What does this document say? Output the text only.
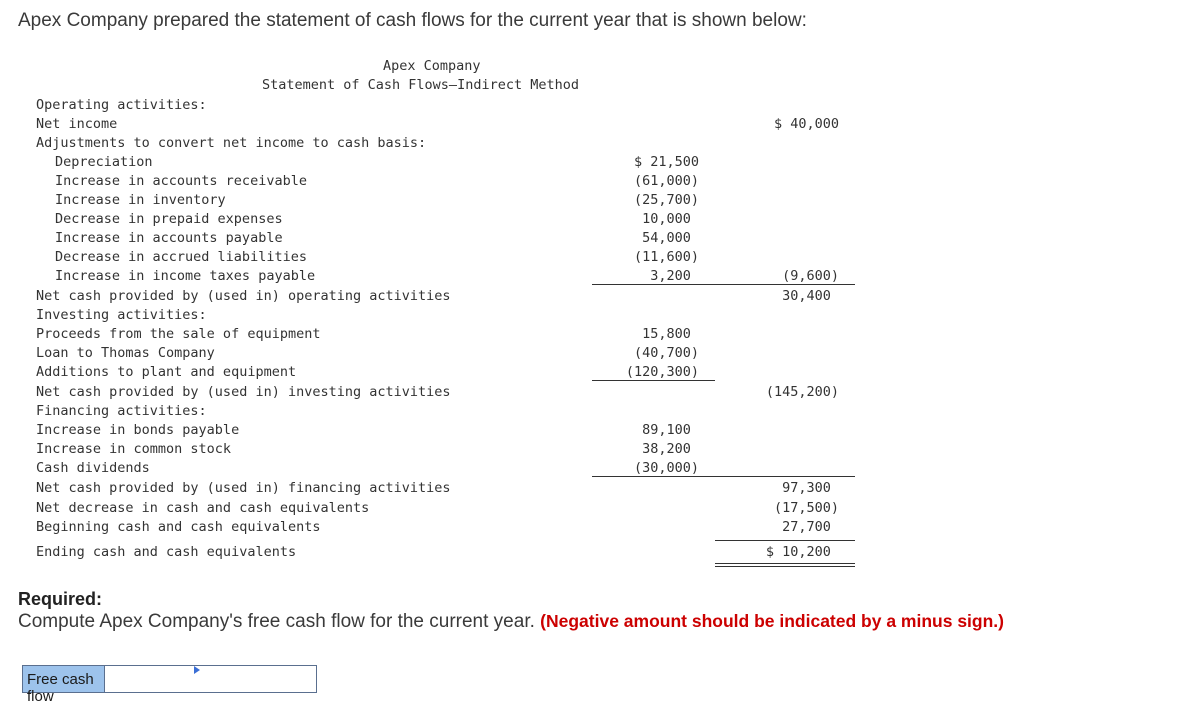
Apex Company prepared the statement of cash flows for the current year that is shown below:
Apex Company
Statement of Cash Flows—Indirect Method
Operating activities:
Net income	$ 40,000
Adjustments to convert net income to cash basis:
Depreciation	$ 21,500
Increase in accounts receivable	(61,000)
Increase in inventory	(25,700)
Decrease in prepaid expenses	10,000
Increase in accounts payable	54,000
Decrease in accrued liabilities	(11,600)
Increase in income taxes payable	3,200	(9,600)
Net cash provided by (used in) operating activities	30,400
Investing activities:
Proceeds from the sale of equipment	15,800
Loan to Thomas Company	(40,700)
Additions to plant and equipment	(120,300)
Net cash provided by (used in) investing activities	(145,200)
Financing activities:
Increase in bonds payable	89,100
Increase in common stock	38,200
Cash dividends	(30,000)
Net cash provided by (used in) financing activities	97,300
Net decrease in cash and cash equivalents	(17,500)
Beginning cash and cash equivalents	27,700
Ending cash and cash equivalents	$ 10,200
Required:
Compute Apex Company's free cash flow for the current year. (Negative amount should be indicated by a minus sign.)
Free cash flow
